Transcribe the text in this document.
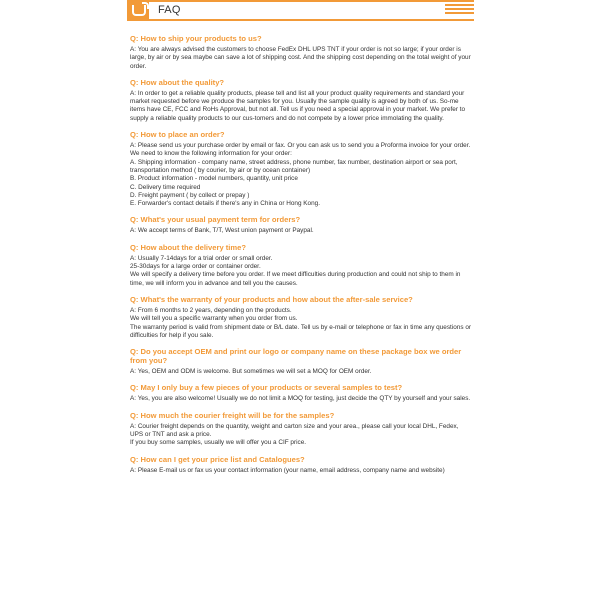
FAQ
Q: How to ship your products to us?
A: You are always advised the customers to choose FedEx DHL UPS TNT if your order is not so large; if your order is large, by air or by sea maybe can save a lot of shipping cost. And the shipping cost depending on the total weight of your order.
Q: How about the quality?
A: In order to get a reliable quality products, please tell and list all your product quality requirements and standard your market requested before we produce the samples for you. Usually the sample quality is agreed by both of us. So-me items have CE, FCC and RoHs Approval, but not all. Tell us if you need a special approval in your market. We prefer to supply a reliable quality products to our cus-tomers and do not compete by a lower price immolating the quality.
Q: How to place an order?
A: Please send us your purchase order by email or fax. Or you can ask us to send you a Proforma invoice for your order.
We need to know the following information for your order:
A. Shipping information - company name, street address, phone number, fax number, destination airport or sea port, transportation method ( by courier, by air or by ocean container)
B. Product information - model numbers, quantity, unit price
C. Delivery time required
D. Freight payment ( by collect or prepay )
E. Forwarder's contact details if there's any in China or Hong Kong.
Q: What's your usual payment term for orders?
A: We accept terms of Bank, T/T, West union payment or Paypal.
Q: How about the delivery time?
A: Usually 7-14days for a trial order or small order.
25-30days for a large order or container order.
We will specify a delivery time before you order. If we meet difficulties during production and could not ship to them in time, we will inform you in advance and tell you the causes.
Q: What's the warranty of your products and how about the after-sale service?
A: From 6 months to 2 years, depending on the products.
We will tell you a specific warranty when you order from us.
The warranty period is valid from shipment date or B/L date. Tell us by e-mail or telephone or fax in time any questions or difficulties for help if you sale.
Q: Do you accept OEM and print our logo or company name on these package box we order from you?
A: Yes, OEM and ODM is welcome. But sometimes we will set a MOQ for OEM order.
Q: May I only buy a few pieces of your products or several samples to test?
A: Yes, you are also welcome! Usually we do not limit a MOQ for testing, just decide the QTY by yourself and your sales.
Q: How much the courier freight will be for the samples?
A: Courier freight depends on the quantity, weight and carton size and your area., please call your local DHL, Fedex, UPS or TNT and ask a price.
If you buy some samples, usually we will offer you a CIF price.
Q: How can I get your price list and Catalogues?
A: Please E-mail us or fax us your contact information (your name, email address, company name and website)
